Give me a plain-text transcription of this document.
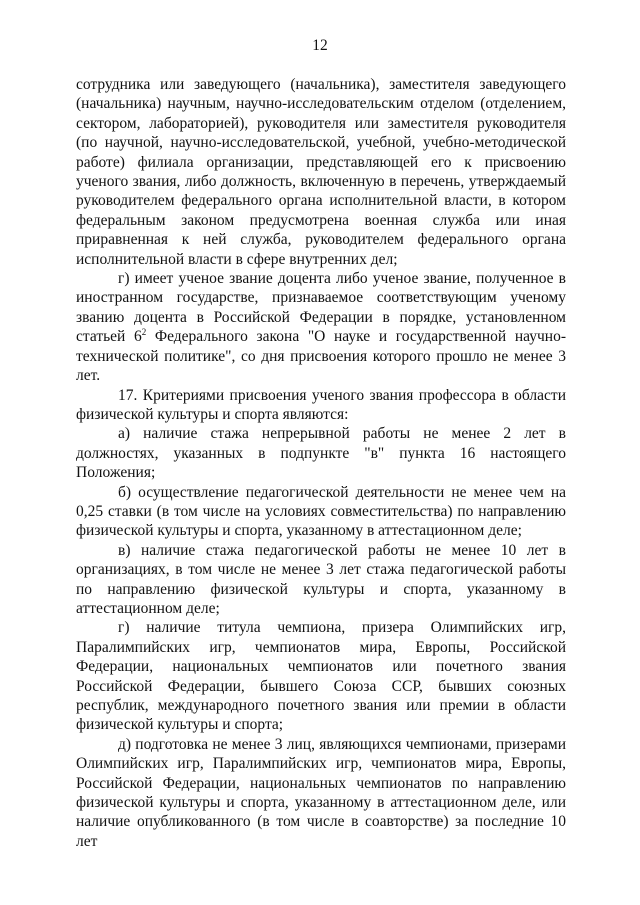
12

сотрудника или заведующего (начальника), заместителя заведующего (начальника) научным, научно-исследовательским отделом (отделением, сектором, лабораторией), руководителя или заместителя руководителя (по научной, научно-исследовательской, учебной, учебно-методической работе) филиала организации, представляющей его к присвоению ученого звания, либо должность, включенную в перечень, утверждаемый руководителем федерального органа исполнительной власти, в котором федеральным законом предусмотрена военная служба или иная приравненная к ней служба, руководителем федерального органа исполнительной власти в сфере внутренних дел;

г) имеет ученое звание доцента либо ученое звание, полученное в иностранном государстве, признаваемое соответствующим ученому званию доцента в Российской Федерации в порядке, установленном статьей $6^2$ Федерального закона "О науке и государственной научно-технической политике", со дня присвоения которого прошло не менее 3 лет.

17. Критериями присвоения ученого звания профессора в области физической культуры и спорта являются:

а) наличие стажа непрерывной работы не менее 2 лет в должностях, указанных в подпункте "в" пункта 16 настоящего Положения;

б) осуществление педагогической деятельности не менее чем на 0,25 ставки (в том числе на условиях совместительства) по направлению физической культуры и спорта, указанному в аттестационном деле;

в) наличие стажа педагогической работы не менее 10 лет в организациях, в том числе не менее 3 лет стажа педагогической работы по направлению физической культуры и спорта, указанному в аттестационном деле;

г) наличие титула чемпиона, призера Олимпийских игр, Паралимпийских игр, чемпионатов мира, Европы, Российской Федерации, национальных чемпионатов или почетного звания Российской Федерации, бывшего Союза ССР, бывших союзных республик, международного почетного звания или премии в области физической культуры и спорта;

д) подготовка не менее 3 лиц, являющихся чемпионами, призерами Олимпийских игр, Паралимпийских игр, чемпионатов мира, Европы, Российской Федерации, национальных чемпионатов по направлению физической культуры и спорта, указанному в аттестационном деле, или наличие опубликованного (в том числе в соавторстве) за последние 10 лет
